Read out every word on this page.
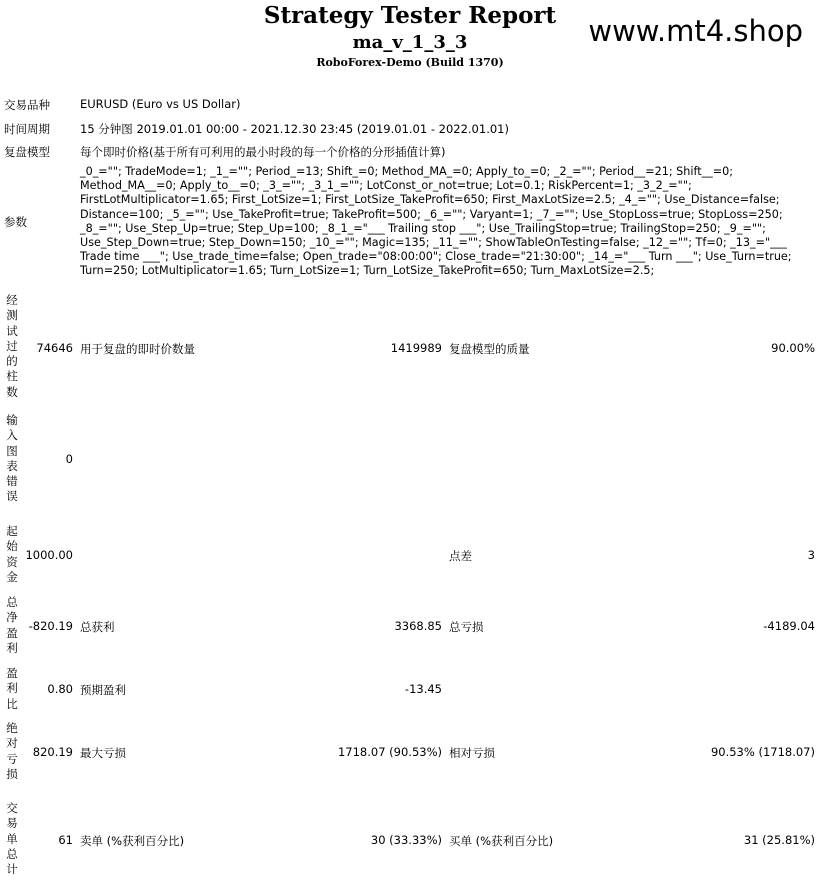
Strategy Tester Report
ma_v_1_3_3
RoboForex-Demo (Build 1370)
www.mt4.shop
交易品种	EURUSD (Euro vs US Dollar)
时间周期	15 分钟图 2019.01.01 00:00 - 2021.12.30 23:45 (2019.01.01 - 2022.01.01)
复盘模型	每个即时价格(基于所有可利用的最小时段的每一个价格的分形插值计算)
参数
_0_=""; TradeMode=1; _1_=""; Period_=13; Shift_=0; Method_MA_=0; Apply_to_=0; _2_=""; Period__=21; Shift__=0; Method_MA__=0; Apply_to__=0; _3_=""; _3_1_=""; LotConst_or_not=true; Lot=0.1; RiskPercent=1; _3_2_=""; FirstLotMultiplicator=1.65; First_LotSize=1; First_LotSize_TakeProfit=650; First_MaxLotSize=2.5; _4_=""; Use_Distance=false; Distance=100; _5_=""; Use_TakeProfit=true; TakeProfit=500; _6_=""; Varyant=1; _7_=""; Use_StopLoss=true; StopLoss=250; _8_=""; Use_Step_Up=true; Step_Up=100; _8_1_="___ Trailing stop ___"; Use_TrailingStop=true; TrailingStop=250; _9_=""; Use_Step_Down=true; Step_Down=150; _10_=""; Magic=135; _11_=""; ShowTableOnTesting=false; _12_=""; Tf=0; _13_="___ Trade time ___"; Use_trade_time=false; Open_trade="08:00:00"; Close_trade="21:30:00"; _14_="___ Turn ___"; Use_Turn=true; Turn=250; LotMultiplicator=1.65; Turn_LotSize=1; Turn_LotSize_TakeProfit=650; Turn_MaxLotSize=2.5;
经测试过的柱数
74646 用于复盘的即时价数量	1419989 复盘模型的质量	90.00%
输入图表错误
0
起始资金
1000.00	点差	3
总净盈利
-820.19 总获利	3368.85 总亏损	-4189.04
盈利比
0.80 预期盈利	-13.45
绝对亏损
820.19 最大亏损	1718.07 (90.53%) 相对亏损	90.53% (1718.07)
交易单总计
61 卖单 (%获利百分比)	30 (33.33%) 买单 (%获利百分比)	31 (25.81%)
